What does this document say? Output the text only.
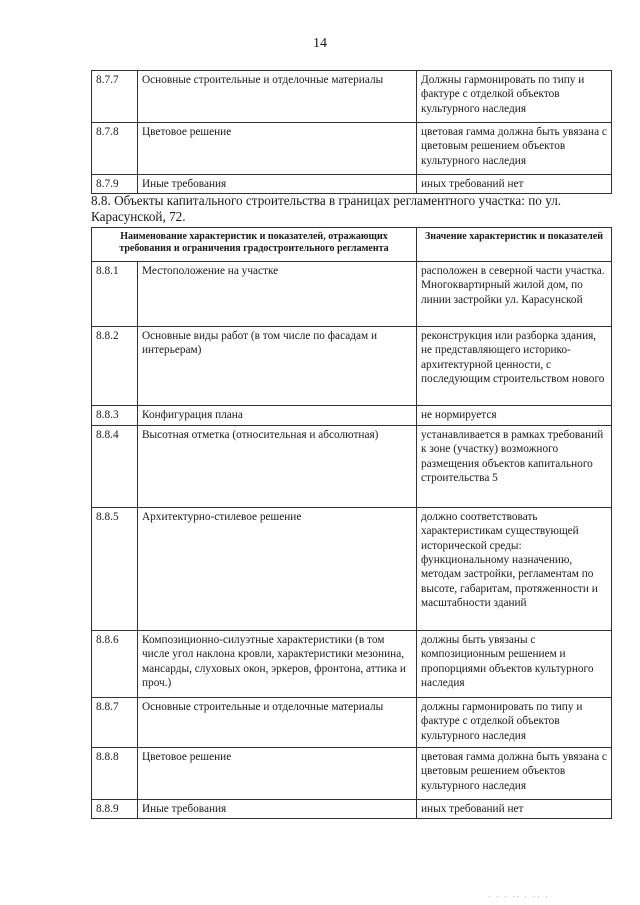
14
8.7.7	Основные строительные и отделочные материалы	Должны гармонировать по типу и фактуре с отделкой объектов культурного наследия
8.7.8	Цветовое решение	цветовая гамма должна быть увязана с цветовым решением объектов культурного наследия
8.7.9	Иные требования	иных требований нет
8.8. Объекты капитального строительства в границах регламентного участка: по ул. Карасунской, 72.
Наименование характеристик и показателей, отражающих требования и ограничения градостроительного регламента		Значение характеристик и показателей
8.8.1	Местоположение на участке	расположен в северной части участка. Многоквартирный жилой дом, по линии застройки ул. Карасунской
8.8.2	Основные виды работ (в том числе по фасадам и интерьерам)	реконструкция или разборка здания, не представляющего историко-архитектурной ценности, с последующим строительством нового
8.8.3	Конфигурация плана	не нормируется
8.8.4	Высотная отметка (относительная и абсолютная)	устанавливается в рамках требований к зоне (участку) возможного размещения объектов капитального строительства 5
8.8.5	Архитектурно-стилевое решение	должно соответствовать характеристикам существующей исторической среды: функциональному назначению, методам застройки, регламентам по высоте, габаритам, протяженности и масштабности зданий
8.8.6	Композиционно-силуэтные характеристики (в том числе угол наклона кровли, характеристики мезонина, мансарды, слуховых окон, эркеров, фронтона, аттика и проч.)	должны быть увязаны с композиционным решением и пропорциями объектов культурного наследия
8.8.7	Основные строительные и отделочные материалы	должны гармонировать по типу и фактуре с отделкой объектов культурного наследия
8.8.8	Цветовое решение	цветовая гамма должна быть увязана с цветовым решением объектов культурного наследия
8.8.9	Иные требования	иных требований нет
· · · ·· · ·· ·
